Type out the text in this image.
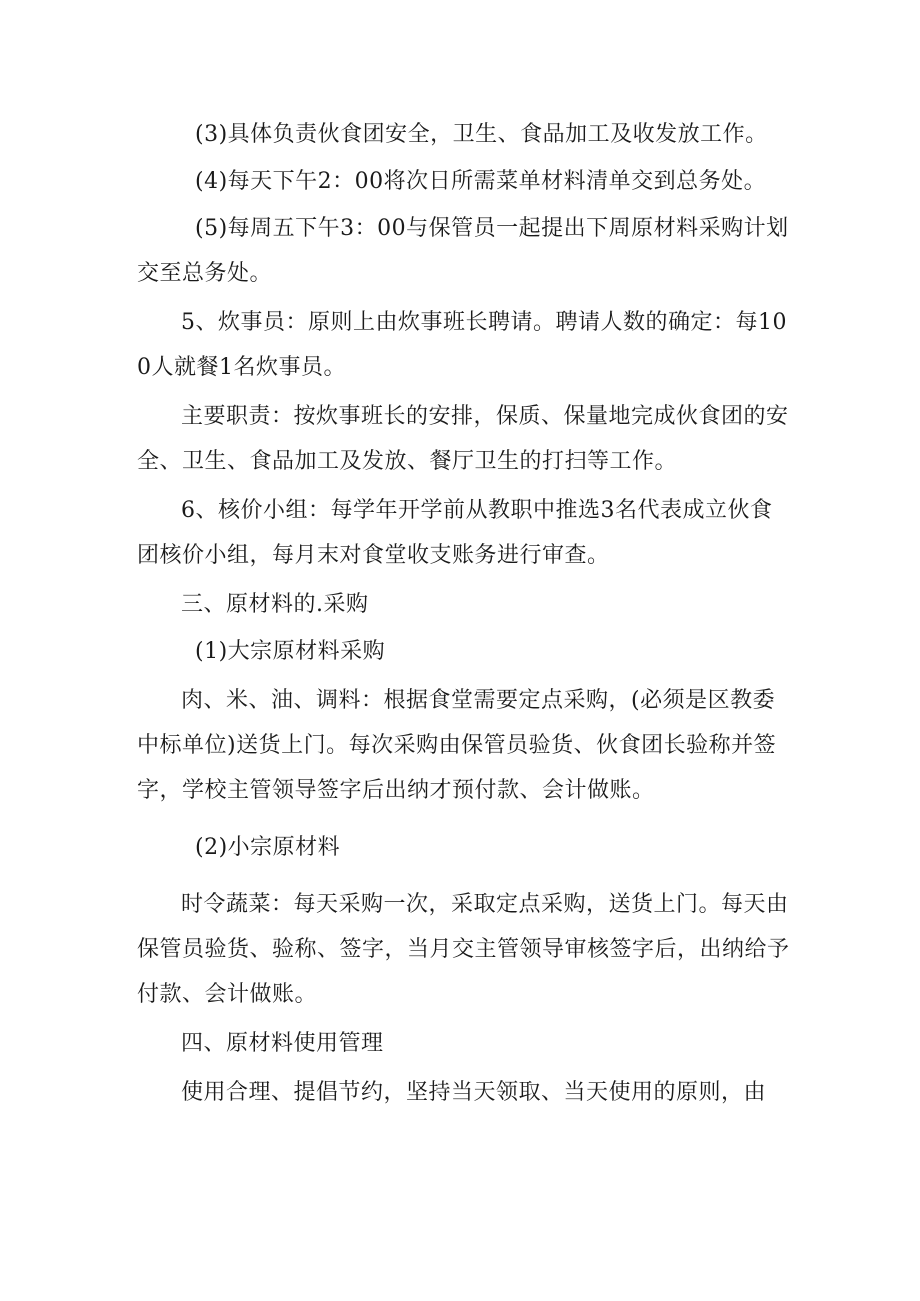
(3)具体负责伙食团安全，卫生、食品加工及收发放工作。

(4)每天下午2：00将次日所需菜单材料清单交到总务处。

(5)每周五下午3：00与保管员一起提出下周原材料采购计划交至总务处。

5、炊事员：原则上由炊事班长聘请。聘请人数的确定：每100人就餐1名炊事员。

主要职责：按炊事班长的安排，保质、保量地完成伙食团的安全、卫生、食品加工及发放、餐厅卫生的打扫等工作。

6、核价小组：每学年开学前从教职中推选3名代表成立伙食团核价小组，每月末对食堂收支账务进行审查。

三、原材料的.采购

(1)大宗原材料采购

肉、米、油、调料：根据食堂需要定点采购，(必须是区教委中标单位)送货上门。每次采购由保管员验货、伙食团长验称并签字，学校主管领导签字后出纳才预付款、会计做账。

(2)小宗原材料

时令蔬菜：每天采购一次，采取定点采购，送货上门。每天由保管员验货、验称、签字，当月交主管领导审核签字后，出纳给予付款、会计做账。

四、原材料使用管理

使用合理、提倡节约，坚持当天领取、当天使用的原则，由
